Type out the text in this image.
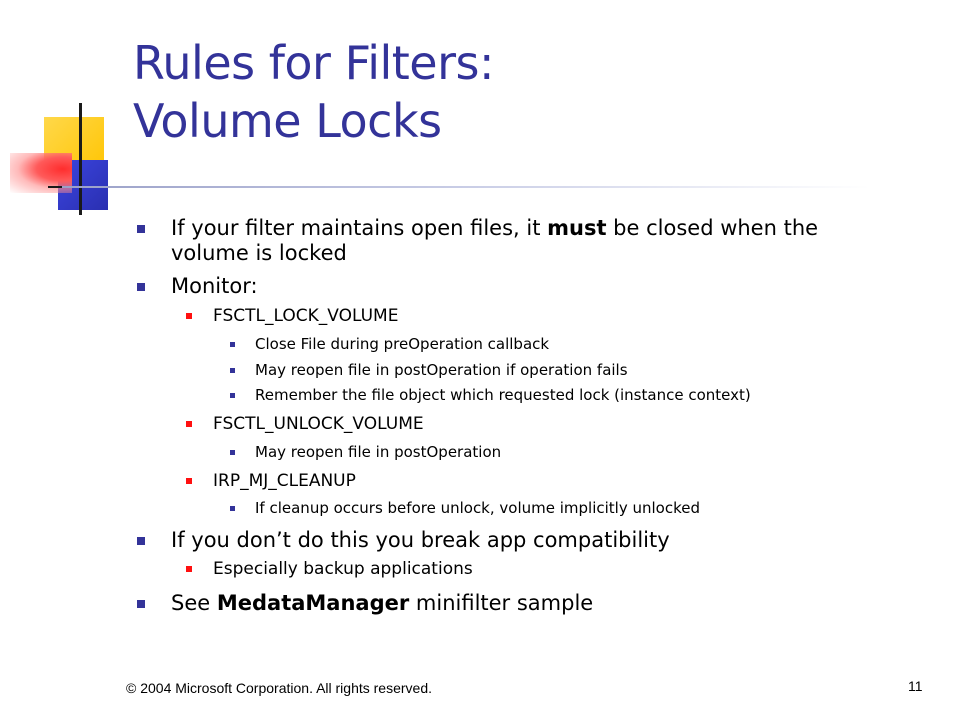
Rules for Filters:
Volume Locks
If your filter maintains open files, it must be closed when the
volume is locked
Monitor:
FSCTL_LOCK_VOLUME
Close File during preOperation callback
May reopen file in postOperation if operation fails
Remember the file object which requested lock (instance context)
FSCTL_UNLOCK_VOLUME
May reopen file in postOperation
IRP_MJ_CLEANUP
If cleanup occurs before unlock, volume implicitly unlocked
If you don’t do this you break app compatibility
Especially backup applications
See MedataManager minifilter sample
© 2004 Microsoft Corporation. All rights reserved.	11
